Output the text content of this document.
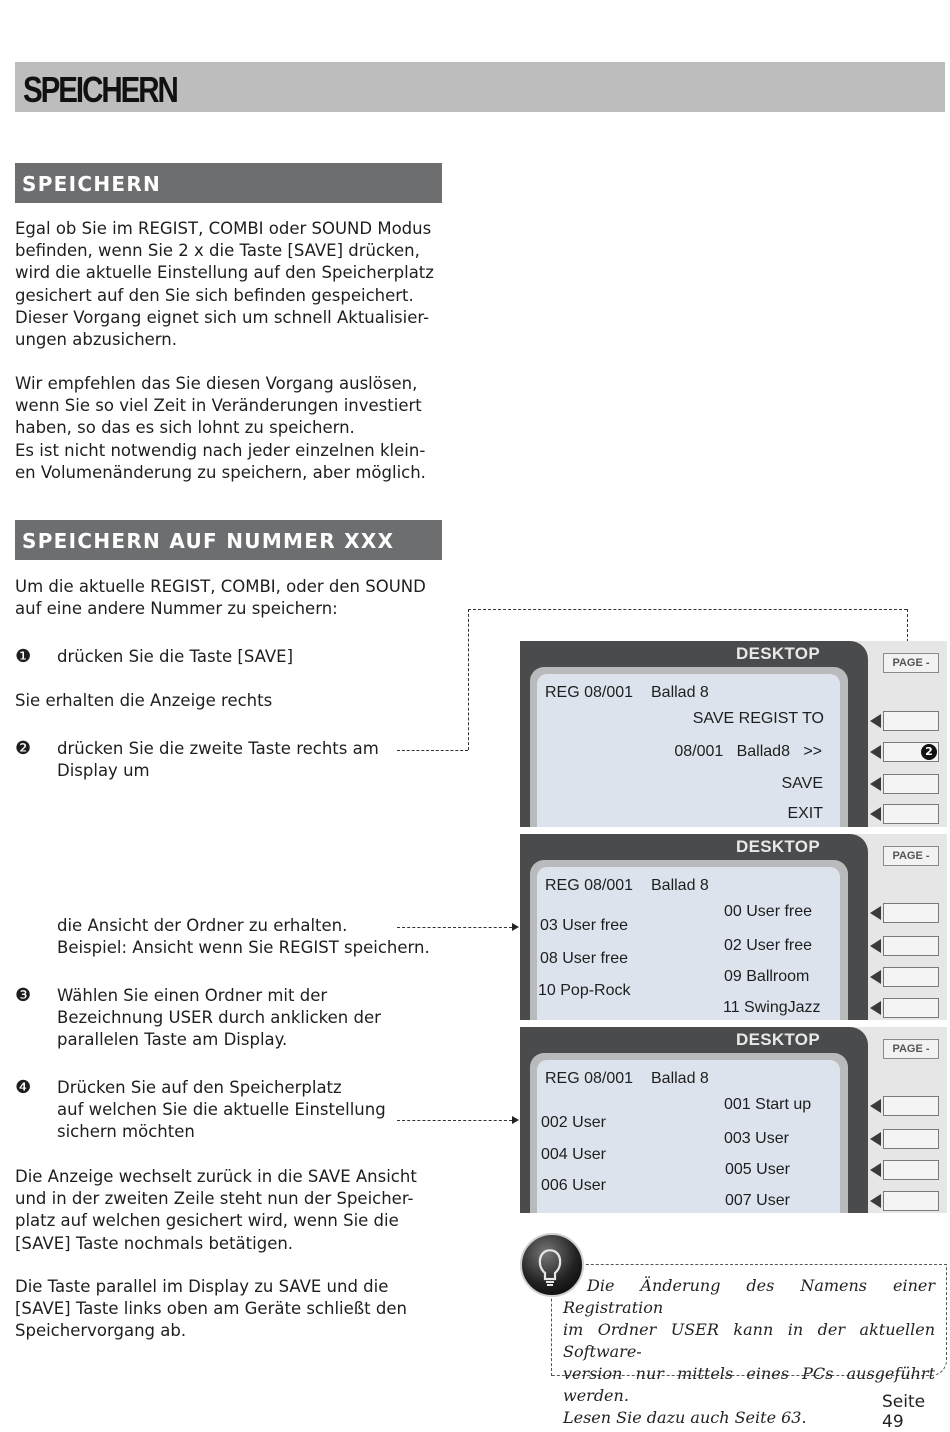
SPEICHERN
SPEICHERN
Egal ob Sie im REGIST, COMBI oder SOUND Modus
befinden, wenn Sie 2 x die Taste [SAVE] drücken,
wird die aktuelle Einstellung auf den Speicherplatz
gesichert auf den Sie sich befinden gespeichert.
Dieser Vorgang eignet sich um schnell Aktualisier-
ungen abzusichern.
Wir empfehlen das Sie diesen Vorgang auslösen,
wenn Sie so viel Zeit in Veränderungen investiert
haben, so das es sich lohnt zu speichern.
Es ist nicht notwendig nach jeder einzelnen klein-
en Volumenänderung zu speichern, aber möglich.
SPEICHERN AUF NUMMER XXX
Um die aktuelle REGIST, COMBI, oder den SOUND
auf eine andere Nummer zu speichern:
❶ drücken Sie die Taste [SAVE]
Sie erhalten die Anzeige rechts
❷ drücken Sie die zweite Taste rechts am
Display um
die Ansicht der Ordner zu erhalten.
Beispiel: Ansicht wenn Sie REGIST speichern.
❸ Wählen Sie einen Ordner mit der
Bezeichnung USER durch anklicken der
parallelen Taste am Display.
❹ Drücken Sie auf den Speicherplatz
auf welchen Sie die aktuelle Einstellung
sichern möchten
Die Anzeige wechselt zurück in die SAVE Ansicht
und in der zweiten Zeile steht nun der Speicher-
platz auf welchen gesichert wird, wenn Sie die
[SAVE] Taste nochmals betätigen.
Die Taste parallel im Display zu SAVE und die
[SAVE] Taste links oben am Geräte schließt den
Speichervorgang ab.
DESKTOP	PAGE -
REG 08/001 Ballad 8
SAVE REGIST TO
08/001   Ballad8   >>
SAVE
EXIT
2
DESKTOP	PAGE -
REG 08/001 Ballad 8
03 User free
08 User free
10 Pop-Rock
00 User free
02 User free
09 Ballroom
11 SwingJazz
DESKTOP	PAGE -
REG 08/001 Ballad 8
002 User
004 User
006 User
001 Start up
003 User
005 User
007 User
Die Änderung des Namens einer Registration
im Ordner USER kann in der aktuellen Software-
version nur mittels eines PCs ausgeführt werden.
Lesen Sie dazu auch Seite 63.
Seite 49
